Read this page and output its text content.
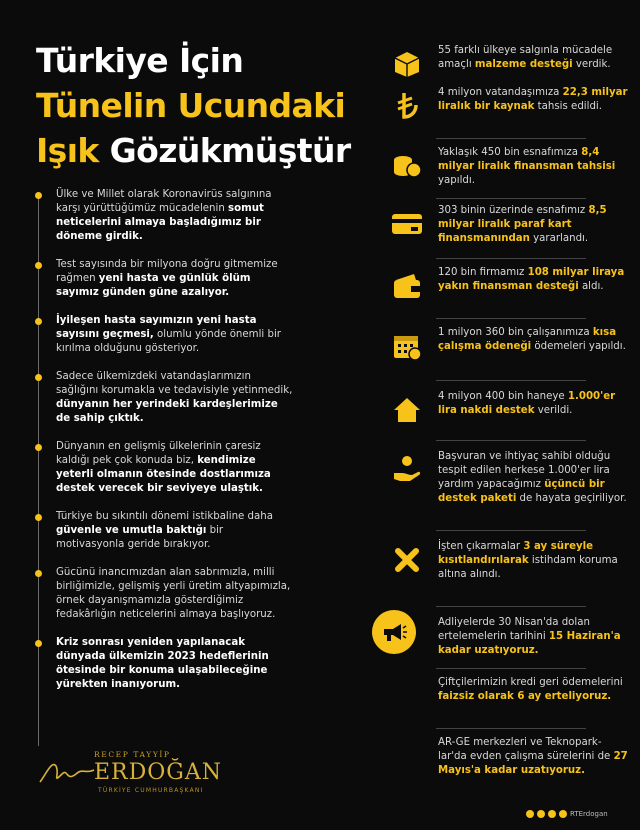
Türkiye İçin
Tünelin Ucundaki
Işık Gözükmüştür
Ülke ve Millet olarak Koronavirüs salgınına karşı yürüttüğümüz mücadelenin somut neticelerini almaya başladığımız bir döneme girdik.
Test sayısında bir milyona doğru gitmemize rağmen yeni hasta ve günlük ölüm sayımız günden güne azalıyor.
İyileşen hasta sayımızın yeni hasta sayısını geçmesi, olumlu yönde önemli bir kırılma olduğunu gösteriyor.
Sadece ülkemizdeki vatandaşlarımızın sağlığını korumakla ve tedavisiyle yetinmedik, dünyanın her yerindeki kardeşlerimize de sahip çıktık.
Dünyanın en gelişmiş ülkelerinin çaresiz kaldığı pek çok konuda biz, kendimize yeterli olmanın ötesinde dostlarımıza destek verecek bir seviyeye ulaştık.
Türkiye bu sıkıntılı dönemi istikbaline daha güvenle ve umutla baktığı bir motivasyonla geride bırakıyor.
Gücünü inancımızdan alan sabrımızla, milli birliğimizle, gelişmiş yerli üretim altyapımızla, örnek dayanışmamızla gösterdiğimiz fedakârlığın neticelerini almaya başlıyoruz.
Kriz sonrası yeniden yapılanacak dünyada ülkemizin 2023 hedeflerinin ötesinde bir konuma ulaşabileceğine yürekten inanıyorum.
RECEP TAYYİP
ERDOĞAN
TÜRKİYE CUMHURBAŞKANI
RTErdogan
55 farklı ülkeye salgınla mücadele amaçlı malzeme desteği verdik.
4 milyon vatandaşımıza 22,3 milyar liralık bir kaynak tahsis edildi.
Yaklaşık 450 bin esnafımıza 8,4 milyar liralık finansman tahsisi yapıldı.
303 binin üzerinde esnafımız 8,5 milyar liralık paraf kart finansmanından yararlandı.
120 bin firmamız 108 milyar liraya yakın finansman desteği aldı.
1 milyon 360 bin çalışanımıza kısa çalışma ödeneği ödemeleri yapıldı.
4 milyon 400 bin haneye 1.000'er lira nakdi destek verildi.
Başvuran ve ihtiyaç sahibi olduğu tespit edilen herkese 1.000'er lira yardım yapacağımız üçüncü bir destek paketi de hayata geçiriliyor.
İşten çıkarmalar 3 ay süreyle kısıtlandırılarak istihdam koruma altına alındı.
Adliyelerde 30 Nisan'da dolan ertelemelerin tarihini 15 Haziran'a kadar uzatıyoruz.
Çiftçilerimizin kredi geri ödemelerini faizsiz olarak 6 ay erteliyoruz.
AR-GE merkezleri ve Teknopark-lar'da evden çalışma sürelerini de 27 Mayıs'a kadar uzatıyoruz.
